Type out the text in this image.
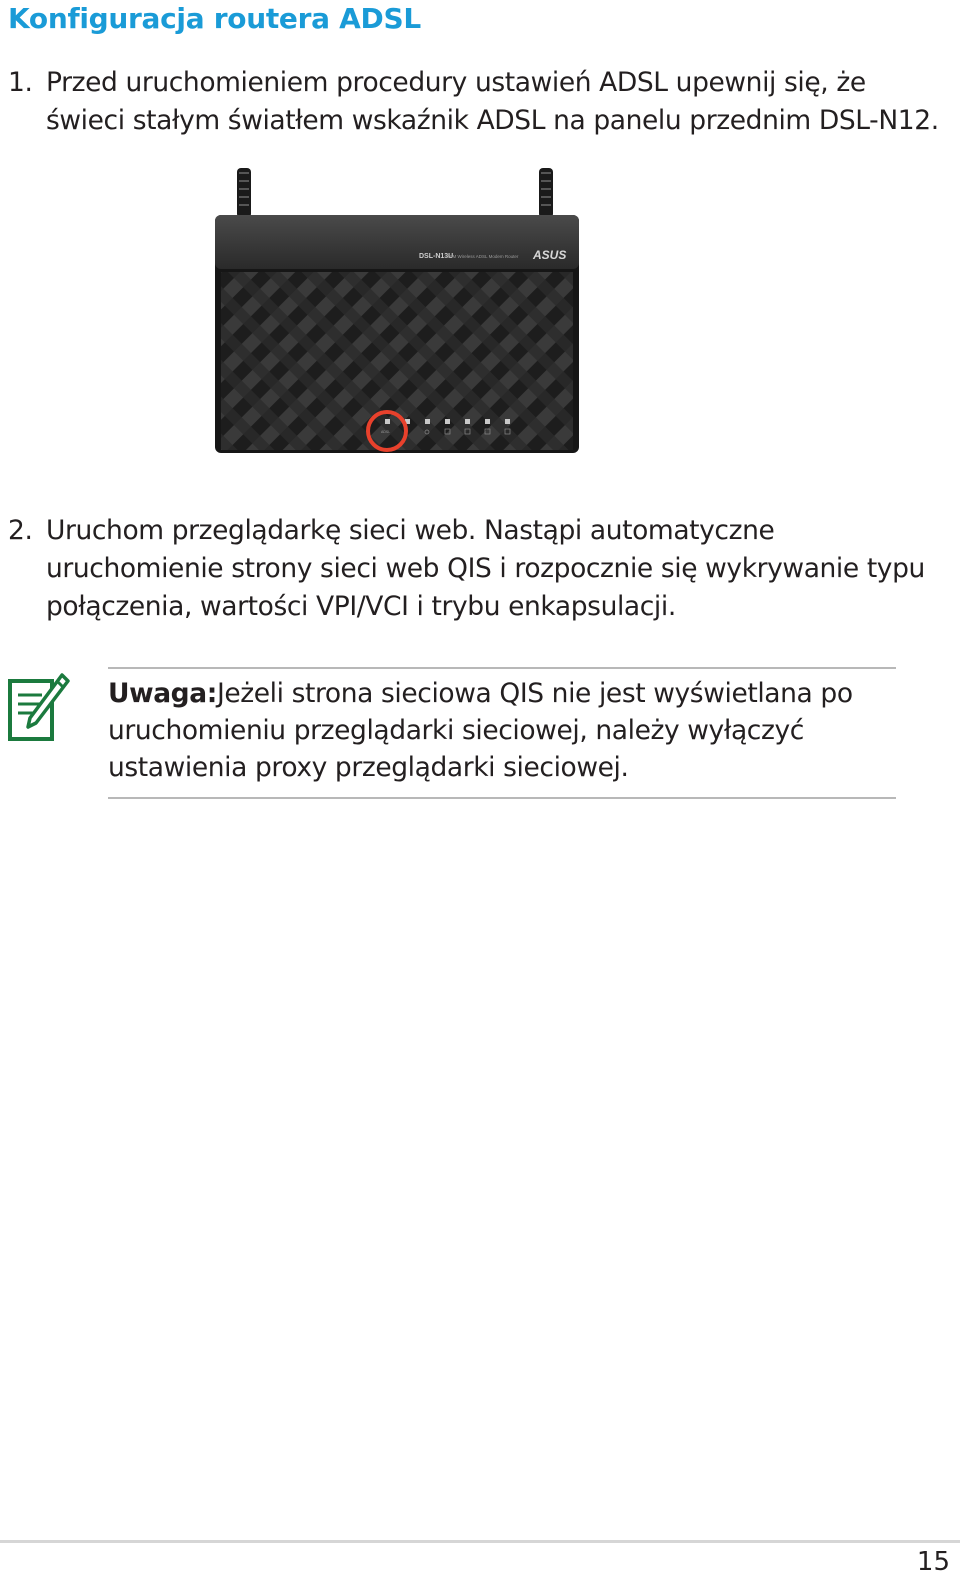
Konfiguracja routera ADSL
1. Przed uruchomieniem procedury ustawień ADSL upewnij się, że świeci stałym światłem wskaźnik ADSL na panelu przednim DSL-N12.
DSL-N13U
300M Wireless ADSL Modem Router ASUS
ADSL
2. Uruchom przeglądarkę sieci web. Nastąpi automatyczne uruchomienie strony sieci web QIS i rozpocznie się wykrywanie typu połączenia, wartości VPI/VCI i trybu enkapsulacji.
Uwaga:Jeżeli strona sieciowa QIS nie jest wyświetlana po uruchomieniu przeglądarki sieciowej, należy wyłączyć ustawienia proxy przeglądarki sieciowej.
15
